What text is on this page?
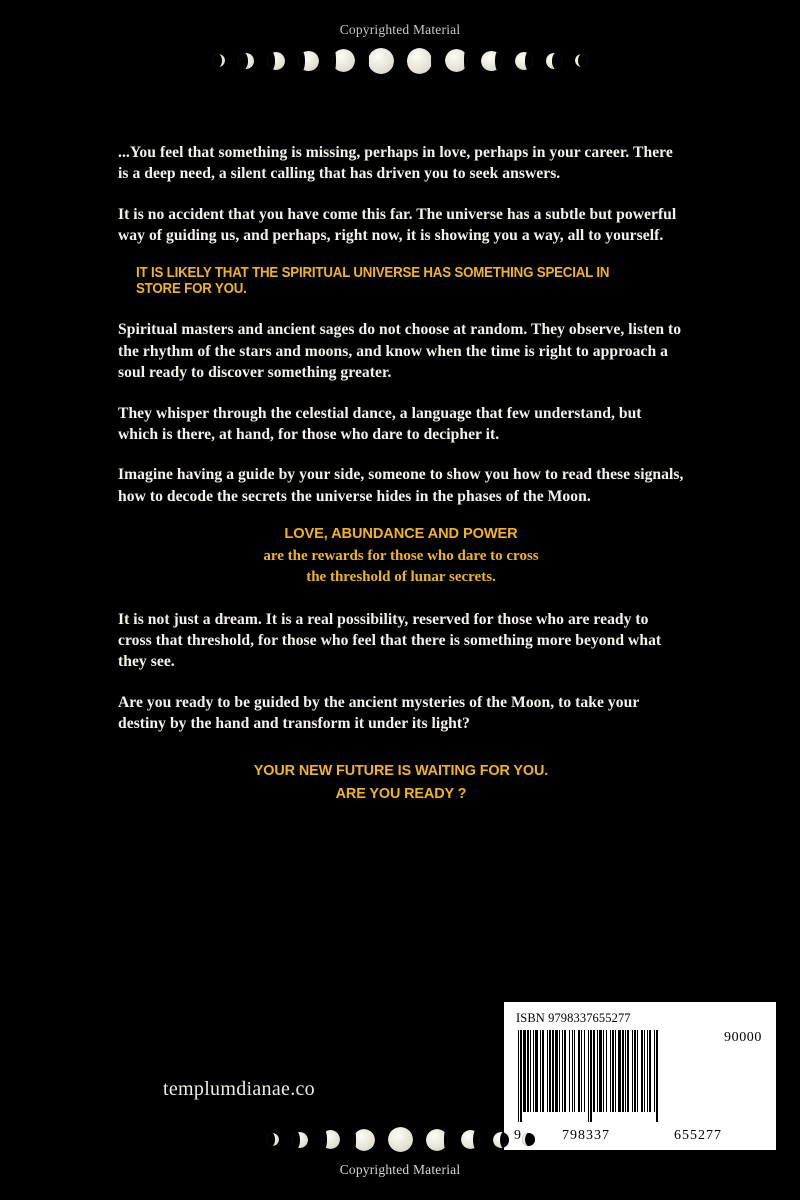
Copyrighted Material

...You feel that something is missing, perhaps in love, perhaps in your career. There is a deep need, a silent calling that has driven you to seek answers.

It is no accident that you have come this far. The universe has a subtle but powerful way of guiding us, and perhaps, right now, it is showing you a way, all to yourself.

IT IS LIKELY THAT THE SPIRITUAL UNIVERSE HAS SOMETHING SPECIAL IN STORE FOR YOU.

Spiritual masters and ancient sages do not choose at random. They observe, listen to the rhythm of the stars and moons, and know when the time is right to approach a soul ready to discover something greater.

They whisper through the celestial dance, a language that few understand, but which is there, at hand, for those who dare to decipher it.

Imagine having a guide by your side, someone to show you how to read these signals, how to decode the secrets the universe hides in the phases of the Moon.

LOVE, ABUNDANCE AND POWER
are the rewards for those who dare to cross
the threshold of lunar secrets.

It is not just a dream. It is a real possibility, reserved for those who are ready to cross that threshold, for those who feel that there is something more beyond what they see.

Are you ready to be guided by the ancient mysteries of the Moon, to take your destiny by the hand and transform it under its light?

YOUR NEW FUTURE IS WAITING FOR YOU.
ARE YOU READY ?
templumdianae.co
ISBN 9798337655277
90000
9	798337	655277
Copyrighted Material
